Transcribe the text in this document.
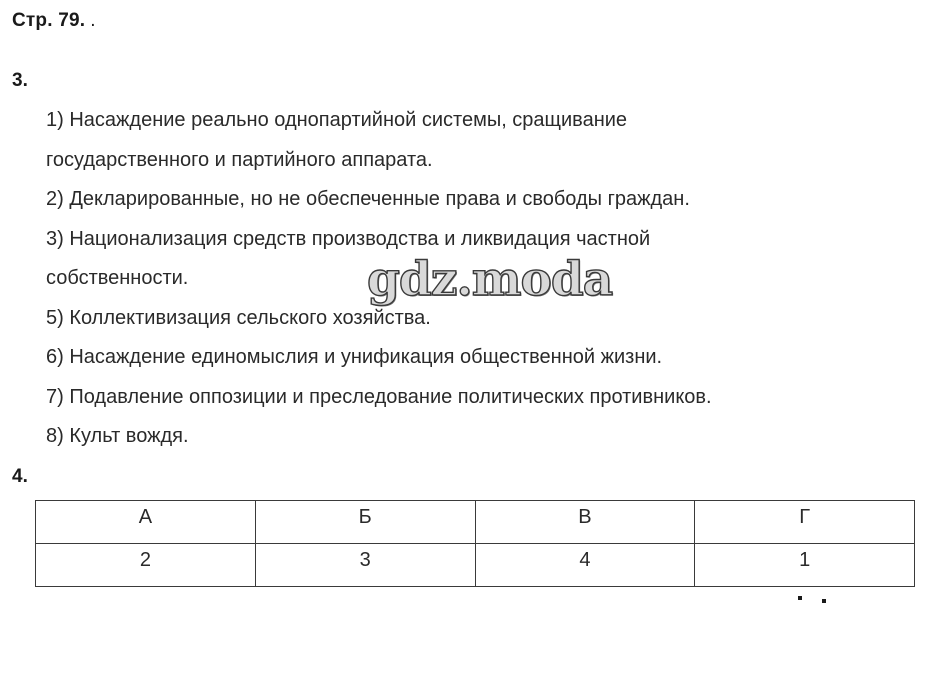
Стр. 79. .
3.
1) Насаждение реально однопартийной системы, сращивание
государственного и партийного аппарата.
2) Декларированные, но не обеспеченные права и свободы граждан.
3) Национализация средств производства и ликвидация частной
собственности.
5) Коллективизация сельского хозяйства.
6) Насаждение единомыслия и унификация общественной жизни.
7) Подавление оппозиции и преследование политических противников.
8) Культ вождя.
gdz.moda
4.
А	Б	В	Г
2	3	4	1
